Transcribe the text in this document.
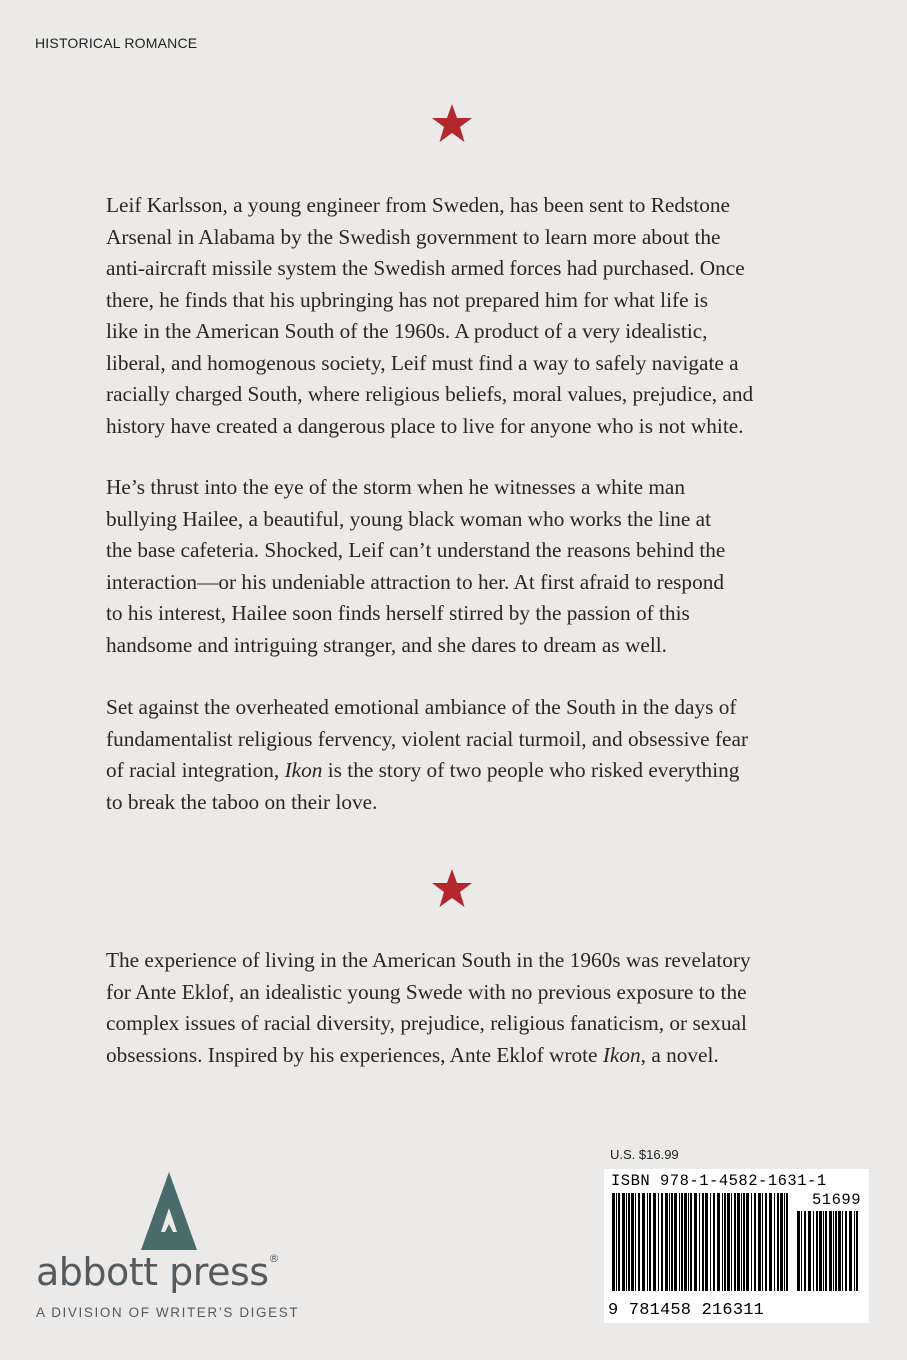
HISTORICAL ROMANCE

Leif Karlsson, a young engineer from Sweden, has been sent to Redstone

Arsenal in Alabama by the Swedish government to learn more about the

anti-aircraft missile system the Swedish armed forces had purchased. Once

there, he finds that his upbringing has not prepared him for what life is

like in the American South of the 1960s. A product of a very idealistic,

liberal, and homogenous society, Leif must find a way to safely navigate a

racially charged South, where religious beliefs, moral values, prejudice, and

history have created a dangerous place to live for anyone who is not white.

He’s thrust into the eye of the storm when he witnesses a white man

bullying Hailee, a beautiful, young black woman who works the line at

the base cafeteria. Shocked, Leif can’t understand the reasons behind the

interaction—or his undeniable attraction to her. At first afraid to respond

to his interest, Hailee soon finds herself stirred by the passion of this

handsome and intriguing stranger, and she dares to dream as well.

Set against the overheated emotional ambiance of the South in the days of

fundamentalist religious fervency, violent racial turmoil, and obsessive fear

of racial integration, Ikon is the story of two people who risked everything

to break the taboo on their love.

The experience of living in the American South in the 1960s was revelatory

for Ante Eklof, an idealistic young Swede with no previous exposure to the

complex issues of racial diversity, prejudice, religious fanaticism, or sexual

obsessions. Inspired by his experiences, Ante Eklof wrote Ikon, a novel.

abbott press®
A DIVISION OF WRITER’S DIGEST
U.S. $16.99
ISBN 978-1-4582-1631-1
51699
9 781458 216311
